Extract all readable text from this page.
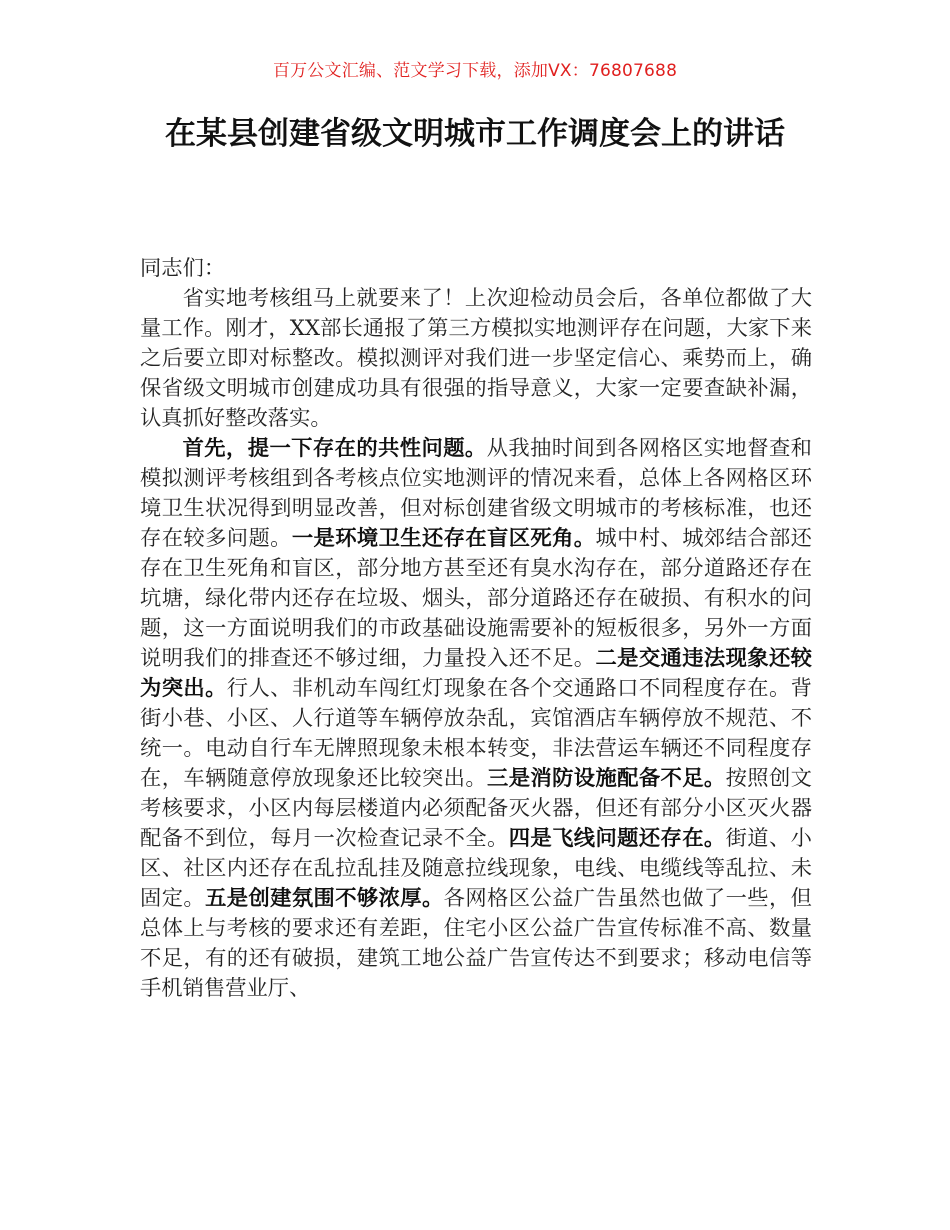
百万公文汇编、范文学习下载，添加VX：76807688
在某县创建省级文明城市工作调度会上的讲话

同志们：

省实地考核组马上就要来了！上次迎检动员会后，各单位都做了大量工作。刚才，XX部长通报了第三方模拟实地测评存在问题，大家下来之后要立即对标整改。模拟测评对我们进一步坚定信心、乘势而上，确保省级文明城市创建成功具有很强的指导意义，大家一定要查缺补漏，认真抓好整改落实。

首先，提一下存在的共性问题。从我抽时间到各网格区实地督查和模拟测评考核组到各考核点位实地测评的情况来看，总体上各网格区环境卫生状况得到明显改善，但对标创建省级文明城市的考核标准，也还存在较多问题。一是环境卫生还存在盲区死角。城中村、城郊结合部还存在卫生死角和盲区，部分地方甚至还有臭水沟存在，部分道路还存在坑塘，绿化带内还存在垃圾、烟头，部分道路还存在破损、有积水的问题，这一方面说明我们的市政基础设施需要补的短板很多，另外一方面说明我们的排查还不够过细，力量投入还不足。二是交通违法现象还较为突出。行人、非机动车闯红灯现象在各个交通路口不同程度存在。背街小巷、小区、人行道等车辆停放杂乱，宾馆酒店车辆停放不规范、不统一。电动自行车无牌照现象未根本转变，非法营运车辆还不同程度存在，车辆随意停放现象还比较突出。三是消防设施配备不足。按照创文考核要求，小区内每层楼道内必须配备灭火器，但还有部分小区灭火器配备不到位，每月一次检查记录不全。四是飞线问题还存在。街道、小区、社区内还存在乱拉乱挂及随意拉线现象，电线、电缆线等乱拉、未固定。五是创建氛围不够浓厚。各网格区公益广告虽然也做了一些，但总体上与考核的要求还有差距，住宅小区公益广告宣传标准不高、数量不足，有的还有破损，建筑工地公益广告宣传达不到要求；移动电信等手机销售营业厅、
